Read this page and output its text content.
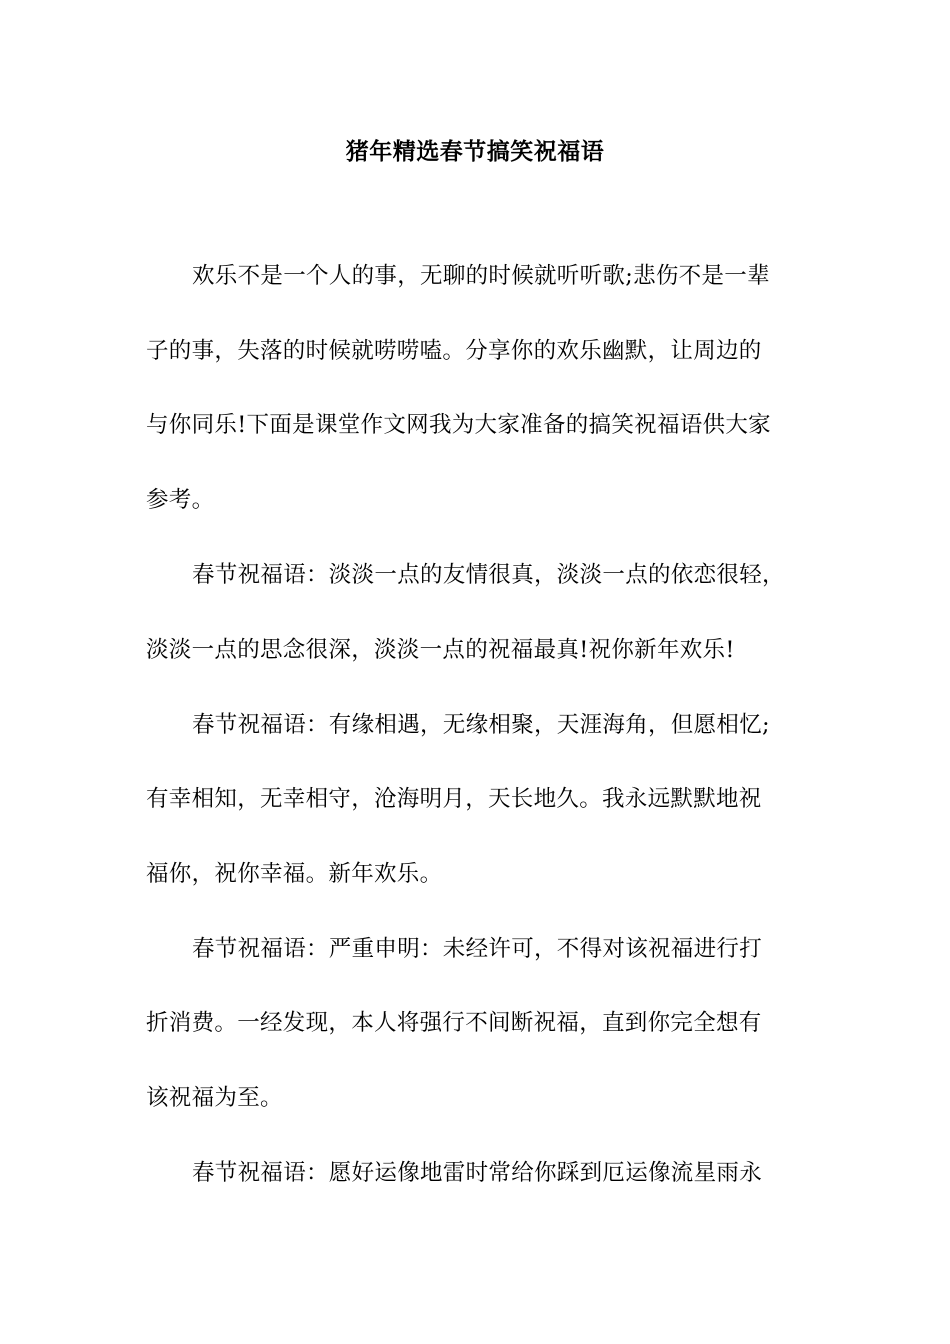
猪年精选春节搞笑祝福语
欢乐不是一个人的事，无聊的时候就听听歌;悲伤不是一辈
子的事，失落的时候就唠唠嗑。分享你的欢乐幽默，让周边的
与你同乐!下面是课堂作文网我为大家准备的搞笑祝福语供大家
参考。
春节祝福语：淡淡一点的友情很真，淡淡一点的依恋很轻，
淡淡一点的思念很深，淡淡一点的祝福最真!祝你新年欢乐!
春节祝福语：有缘相遇，无缘相聚，天涯海角，但愿相忆;
有幸相知，无幸相守，沧海明月，天长地久。我永远默默地祝
福你，祝你幸福。新年欢乐。
春节祝福语：严重申明：未经许可，不得对该祝福进行打
折消费。一经发现，本人将强行不间断祝福，直到你完全想有
该祝福为至。
春节祝福语：愿好运像地雷时常给你踩到厄运像流星雨永
